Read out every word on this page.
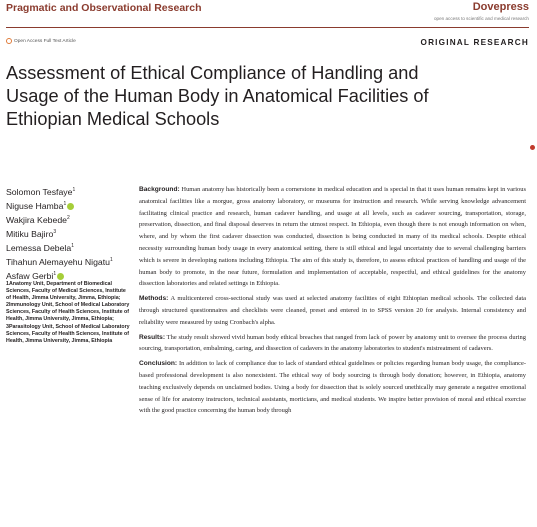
Pragmatic and Observational Research	Dovepress
open access to scientific and medical research
Open Access Full Text Article	ORIGINAL RESEARCH
Assessment of Ethical Compliance of Handling and Usage of the Human Body in Anatomical Facilities of Ethiopian Medical Schools
Solomon Tesfaye$^1$
Niguse Hamba$^1$
Wakjira Kebede$^2$
Mitiku Bajiro$^3$
Lemessa Debela$^1$
Tihahun Alemayehu Nigatu$^1$
Asfaw Gerbi$^1$
1Anatomy Unit, Department of Biomedical Sciences, Faculty of Medical Sciences, Institute of Health, Jimma University, Jimma, Ethiopia; 2Immunology Unit, School of Medical Laboratory Sciences, Faculty of Health Sciences, Institute of Health, Jimma University, Jimma, Ethiopia; 3Parasitology Unit, School of Medical Laboratory Sciences, Faculty of Health Sciences, Institute of Health, Jimma University, Jimma, Ethiopia

Background: Human anatomy has historically been a cornerstone in medical education and is special in that it uses human remains kept in various anatomical facilities like a morgue, gross anatomy laboratory, or museums for instruction and research. While serving knowledge advancement facilitating clinical practice and research, human cadaver handling, and usage at all levels, such as cadaver sourcing, transportation, storage, preservation, dissection, and final disposal deserves in return the utmost respect. In Ethiopia, even though there is not enough information on when, where, and by whom the first cadaver dissection was conducted, dissection is being conducted in many of its medical schools. Despite ethical necessity surrounding human body usage in every anatomical setting, there is still ethical and legal uncertainty due to several challenging barriers which is severe in developing nations including Ethiopia. The aim of this study is, therefore, to assess ethical practices of handling and usage of the human body to promote, in the near future, formulation and implementation of acceptable, respectful, and ethical guidelines for the anatomy dissection laboratories and related settings in Ethiopia.

Methods: A multicentered cross-sectional study was used at selected anatomy facilities of eight Ethiopian medical schools. The collected data through structured questionnaires and checklists were cleaned, preset and entered in to SPSS version 20 for analysis. Internal consistency and reliability were measured by using Cronbach's alpha.

Results: The study result showed vivid human body ethical breaches that ranged from lack of power by anatomy unit to oversee the process during sourcing, transportation, embalming, caring, and dissection of cadavers in the anatomy laboratories to student's mistreatment of cadavers.

Conclusion: In addition to lack of compliance due to lack of standard ethical guidelines or policies regarding human body usage, the compliance-based professional development is also nonexistent. The ethical way of body sourcing is through body donation; however, in Ethiopia, anatomy teaching exclusively depends on unclaimed bodies. Using a body for dissection that is solely sourced unethically may generate a negative emotional sense of life for anatomy instructors, technical assistants, morticians, and medical students. We inspire better provision of moral and ethical exercise with the good practice concerning the human body through
